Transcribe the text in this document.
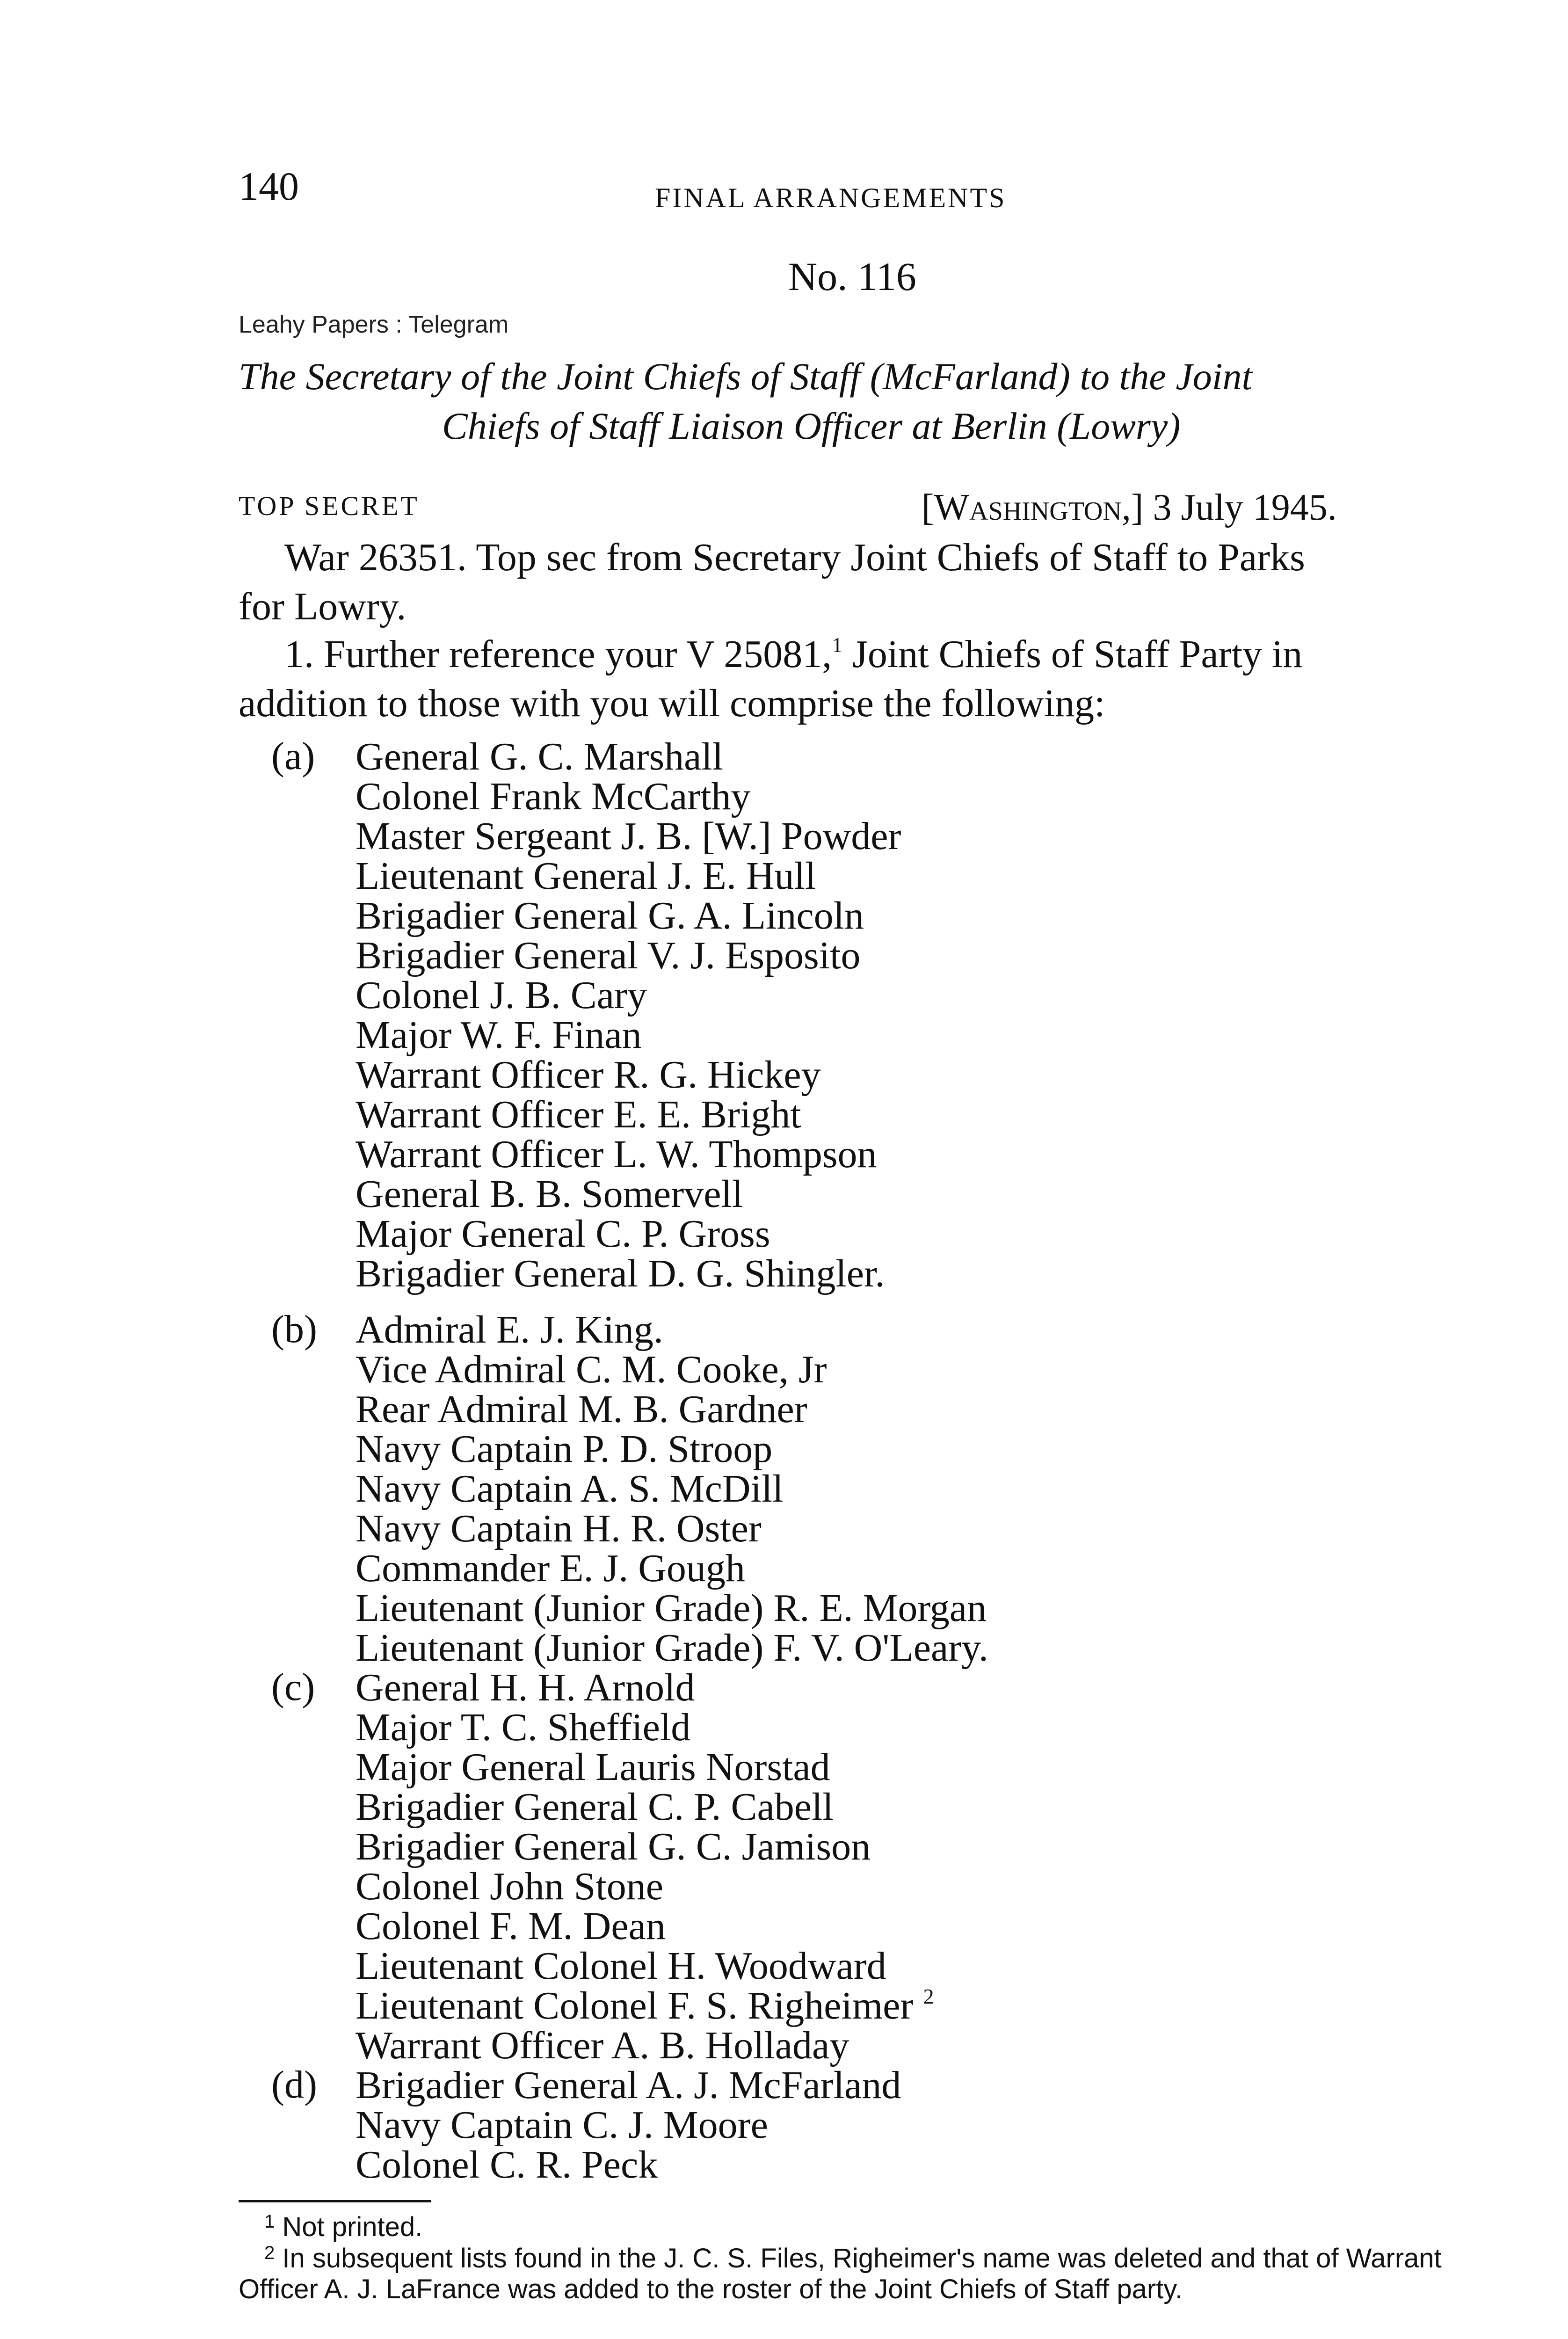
140	FINAL ARRANGEMENTS
No. 116
Leahy Papers : Telegram
The Secretary of the Joint Chiefs of Staff (McFarland) to the Joint
Chiefs of Staff Liaison Officer at Berlin (Lowry)
TOP SECRET	[Washington,] 3 July 1945.
War 26351. Top sec from Secretary Joint Chiefs of Staff to Parks
for Lowry.
1. Further reference your V 25081,$^1$ Joint Chiefs of Staff Party in
addition to those with you will comprise the following:
(a) General G. C. Marshall
Colonel Frank McCarthy
Master Sergeant J. B. [W.] Powder
Lieutenant General J. E. Hull
Brigadier General G. A. Lincoln
Brigadier General V. J. Esposito
Colonel J. B. Cary
Major W. F. Finan
Warrant Officer R. G. Hickey
Warrant Officer E. E. Bright
Warrant Officer L. W. Thompson
General B. B. Somervell
Major General C. P. Gross
Brigadier General D. G. Shingler.
(b) Admiral E. J. King.
Vice Admiral C. M. Cooke, Jr
Rear Admiral M. B. Gardner
Navy Captain P. D. Stroop
Navy Captain A. S. McDill
Navy Captain H. R. Oster
Commander E. J. Gough
Lieutenant (Junior Grade) R. E. Morgan
Lieutenant (Junior Grade) F. V. O'Leary.
(c) General H. H. Arnold
Major T. C. Sheffield
Major General Lauris Norstad
Brigadier General C. P. Cabell
Brigadier General G. C. Jamison
Colonel John Stone
Colonel F. M. Dean
Lieutenant Colonel H. Woodward
Lieutenant Colonel F. S. Righeimer $^2$
Warrant Officer A. B. Holladay
(d) Brigadier General A. J. McFarland
Navy Captain C. J. Moore
Colonel C. R. Peck
$^1$ Not printed.
$^2$ In subsequent lists found in the J. C. S. Files, Righeimer's name was deleted and that of Warrant Officer A. J. LaFrance was added to the roster of the Joint Chiefs of Staff party.
